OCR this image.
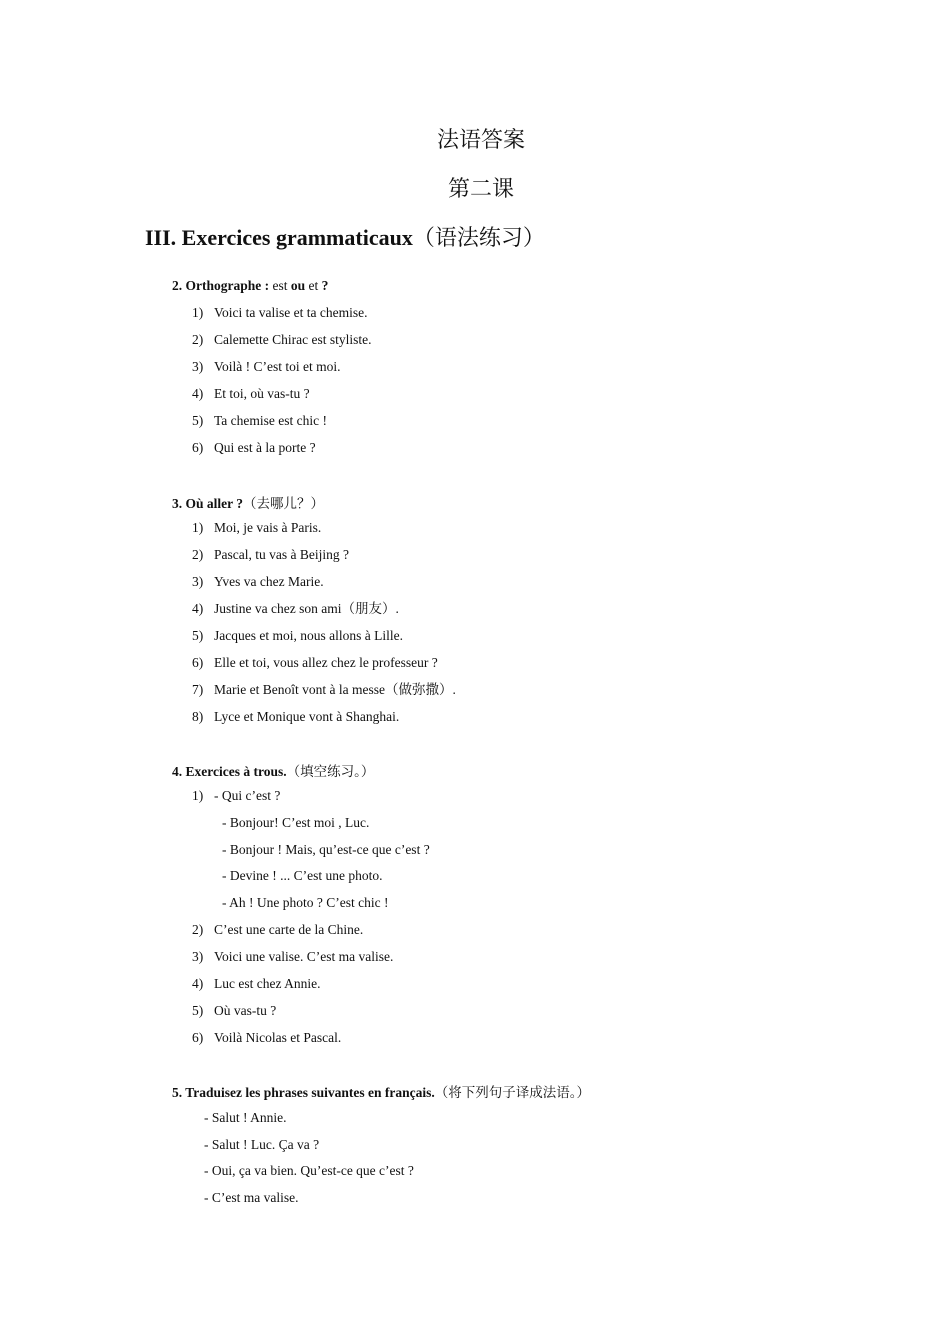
法语答案
第二课
III. Exercices grammaticaux（语法练习）
2. Orthographe : est ou et ?
1) Voici ta valise et ta chemise.
2) Calemette Chirac est styliste.
3) Voilà ! C’est toi et moi.
4) Et toi, où vas-tu ?
5) Ta chemise est chic !
6) Qui est à la porte ?
3. Où aller ?（去哪儿？）
1) Moi, je vais à Paris.
2) Pascal, tu vas à Beijing ?
3) Yves va chez Marie.
4) Justine va chez son ami（朋友）.
5) Jacques et moi, nous allons à Lille.
6) Elle et toi, vous allez chez le professeur ?
7) Marie et Benoît vont à la messe（做弥撒）.
8) Lyce et Monique vont à Shanghai.
4. Exercices à trous.（填空练习。）
1) - Qui c’est ?
- Bonjour! C’est moi , Luc.
- Bonjour ! Mais, qu’est-ce que c’est ?
- Devine ! ... C’est une photo.
- Ah ! Une photo ? C’est chic !
2) C’est une carte de la Chine.
3) Voici une valise. C’est ma valise.
4) Luc est chez Annie.
5) Où vas-tu ?
6) Voilà Nicolas et Pascal.
5. Traduisez les phrases suivantes en français.（将下列句子译成法语。）
- Salut ! Annie.
- Salut ! Luc. Ça va ?
- Oui, ça va bien. Qu’est-ce que c’est ?
- C’est ma valise.
